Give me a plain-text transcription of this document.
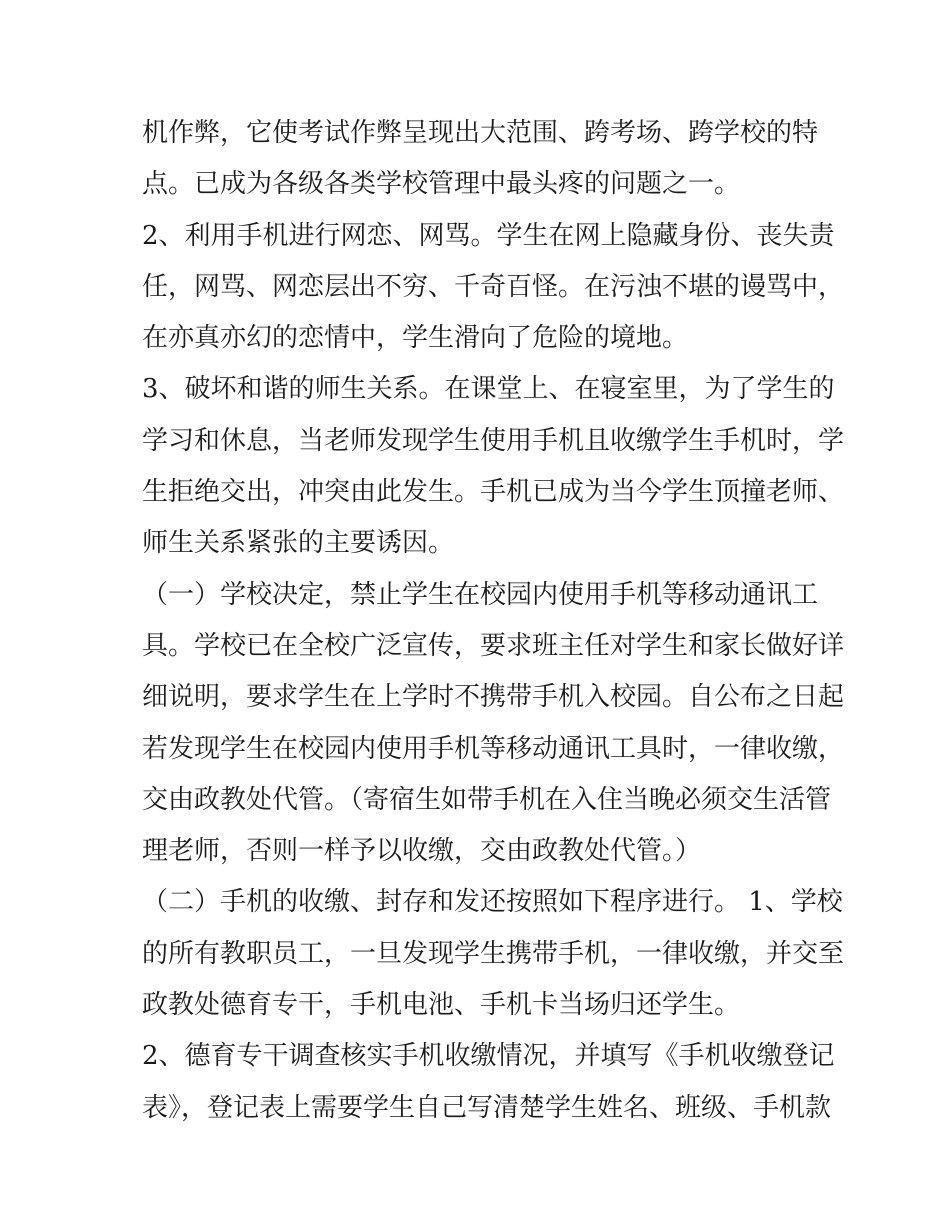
机作弊，它使考试作弊呈现出大范围、跨考场、跨学校的特
点。已成为各级各类学校管理中最头疼的问题之一。
2、利用手机进行网恋、网骂。学生在网上隐藏身份、丧失责
任，网骂、网恋层出不穷、千奇百怪。在污浊不堪的谩骂中，
在亦真亦幻的恋情中，学生滑向了危险的境地。
3、破坏和谐的师生关系。在课堂上、在寝室里，为了学生的
学习和休息，当老师发现学生使用手机且收缴学生手机时，学
生拒绝交出，冲突由此发生。手机已成为当今学生顶撞老师、
师生关系紧张的主要诱因。
（一）学校决定，禁止学生在校园内使用手机等移动通讯工
具。学校已在全校广泛宣传，要求班主任对学生和家长做好详
细说明，要求学生在上学时不携带手机入校园。自公布之日起
若发现学生在校园内使用手机等移动通讯工具时，一律收缴，
交由政教处代管。（寄宿生如带手机在入住当晚必须交生活管
理老师，否则一样予以收缴，交由政教处代管。）
（二）手机的收缴、封存和发还按照如下程序进行。 1、学校
的所有教职员工，一旦发现学生携带手机，一律收缴，并交至
政教处德育专干，手机电池、手机卡当场归还学生。
2、德育专干调查核实手机收缴情况，并填写《手机收缴登记
表》，登记表上需要学生自己写清楚学生姓名、班级、手机款
